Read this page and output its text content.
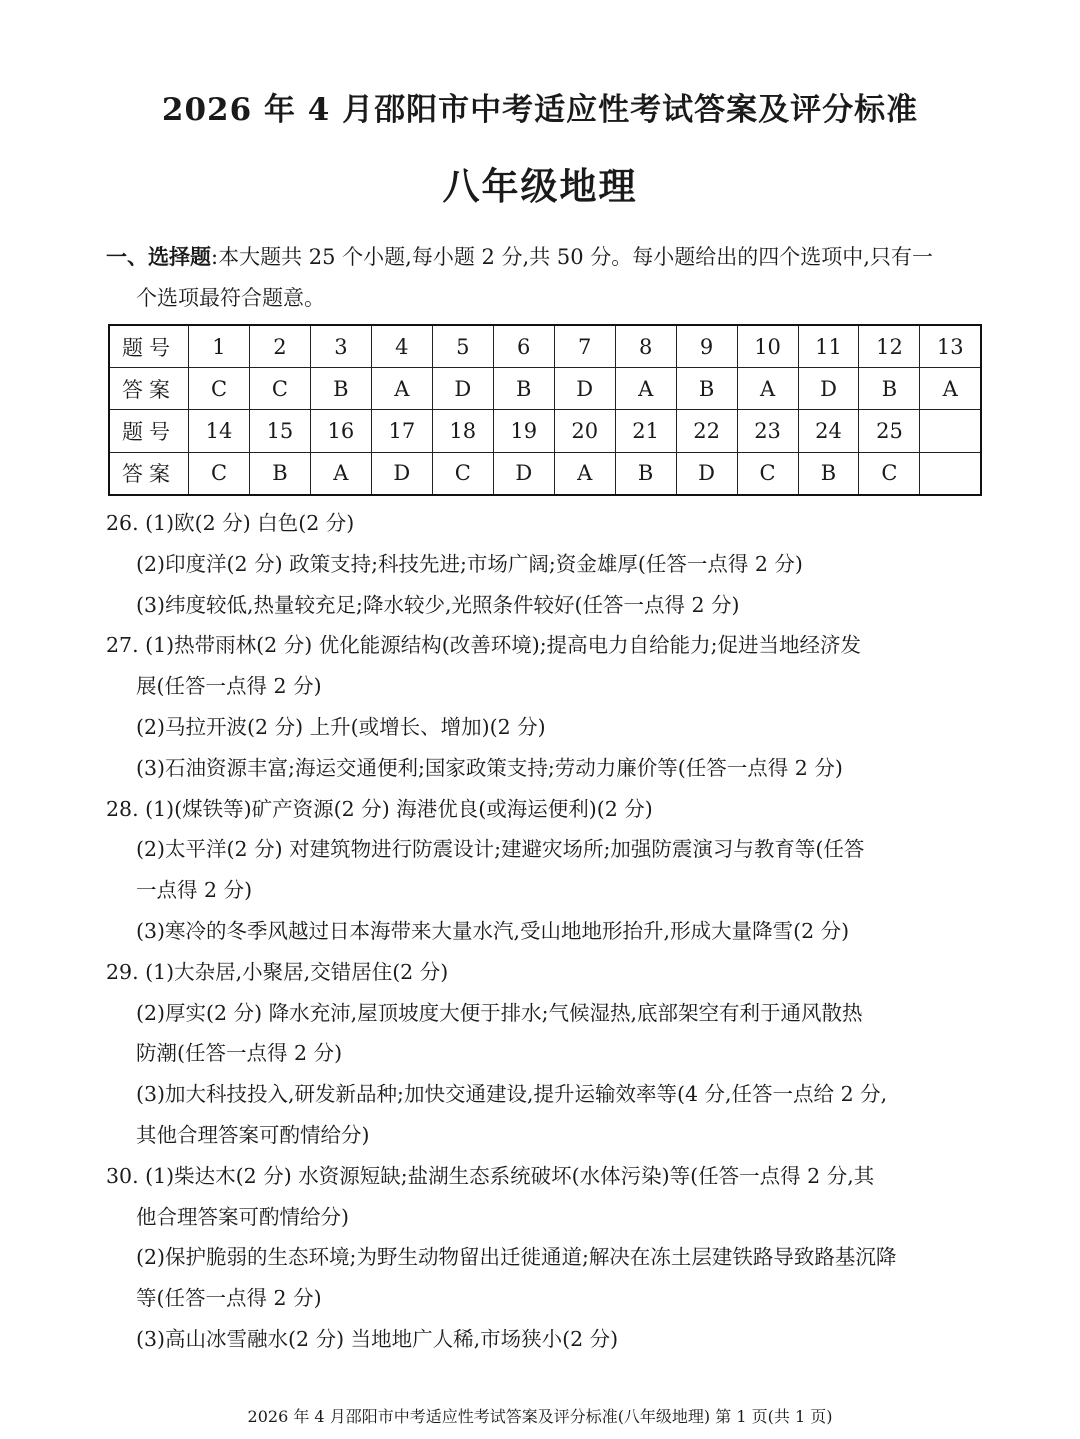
2026 年 4 月邵阳市中考适应性考试答案及评分标准
八年级地理
一、选择题:本大题共 25 个小题,每小题 2 分,共 50 分。每小题给出的四个选项中,只有一
个选项最符合题意。
题号	1	2	3	4	5	6	7	8	9	10	11	12	13
答案	C	C	B	A	D	B	D	A	B	A	D	B	A
题号	14	15	16	17	18	19	20	21	22	23	24	25	
答案	C	B	A	D	C	D	A	B	D	C	B	C	
26. (1)欧(2 分) 白色(2 分)
(2)印度洋(2 分) 政策支持;科技先进;市场广阔;资金雄厚(任答一点得 2 分)
(3)纬度较低,热量较充足;降水较少,光照条件较好(任答一点得 2 分)
27. (1)热带雨林(2 分) 优化能源结构(改善环境);提高电力自给能力;促进当地经济发
展(任答一点得 2 分)
(2)马拉开波(2 分) 上升(或增长、增加)(2 分)
(3)石油资源丰富;海运交通便利;国家政策支持;劳动力廉价等(任答一点得 2 分)
28. (1)(煤铁等)矿产资源(2 分) 海港优良(或海运便利)(2 分)
(2)太平洋(2 分) 对建筑物进行防震设计;建避灾场所;加强防震演习与教育等(任答
一点得 2 分)
(3)寒冷的冬季风越过日本海带来大量水汽,受山地地形抬升,形成大量降雪(2 分)
29. (1)大杂居,小聚居,交错居住(2 分)
(2)厚实(2 分) 降水充沛,屋顶坡度大便于排水;气候湿热,底部架空有利于通风散热
防潮(任答一点得 2 分)
(3)加大科技投入,研发新品种;加快交通建设,提升运输效率等(4 分,任答一点给 2 分,
其他合理答案可酌情给分)
30. (1)柴达木(2 分) 水资源短缺;盐湖生态系统破坏(水体污染)等(任答一点得 2 分,其
他合理答案可酌情给分)
(2)保护脆弱的生态环境;为野生动物留出迁徙通道;解决在冻土层建铁路导致路基沉降
等(任答一点得 2 分)
(3)高山冰雪融水(2 分) 当地地广人稀,市场狭小(2 分)
2026 年 4 月邵阳市中考适应性考试答案及评分标准(八年级地理) 第 1 页(共 1 页)
